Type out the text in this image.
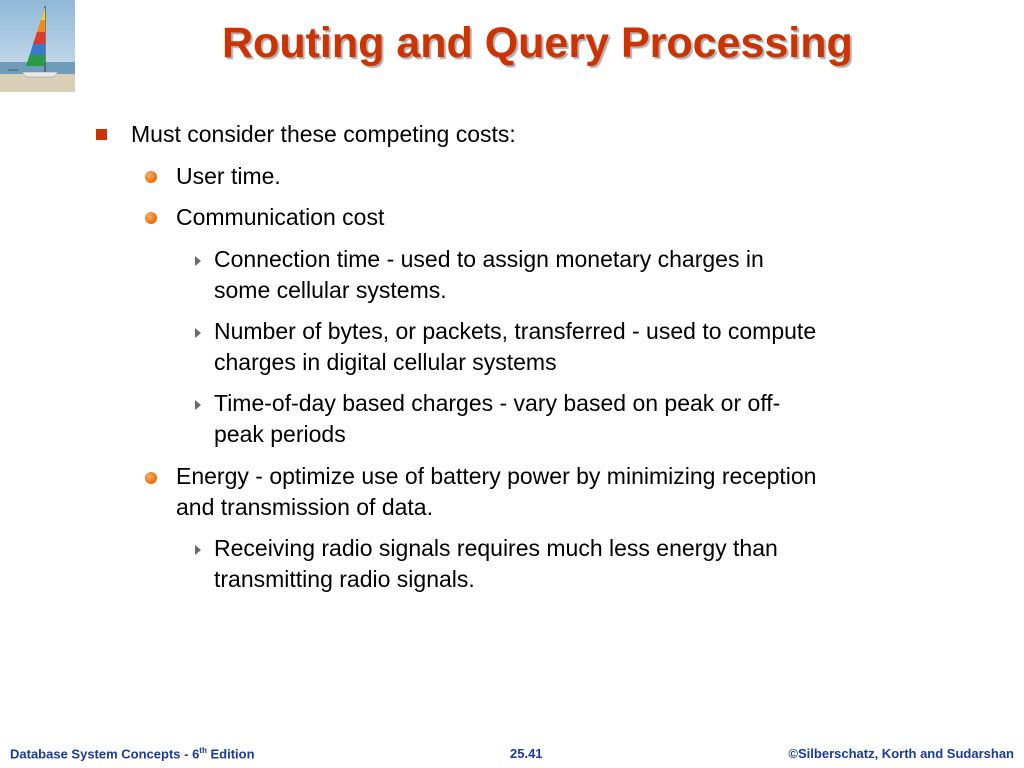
Routing and Query Processing
Must consider these competing costs:
User time.
Communication cost
Connection time - used to assign monetary charges in
some cellular systems.
Number of bytes, or packets, transferred - used to compute
charges in digital cellular systems
Time-of-day based charges - vary based on peak or off-
peak periods
Energy - optimize use of battery power by minimizing reception
and transmission of data.
Receiving radio signals requires much less energy than
transmitting radio signals.
Database System Concepts - 6th Edition	25.41	©Silberschatz, Korth and Sudarshan
